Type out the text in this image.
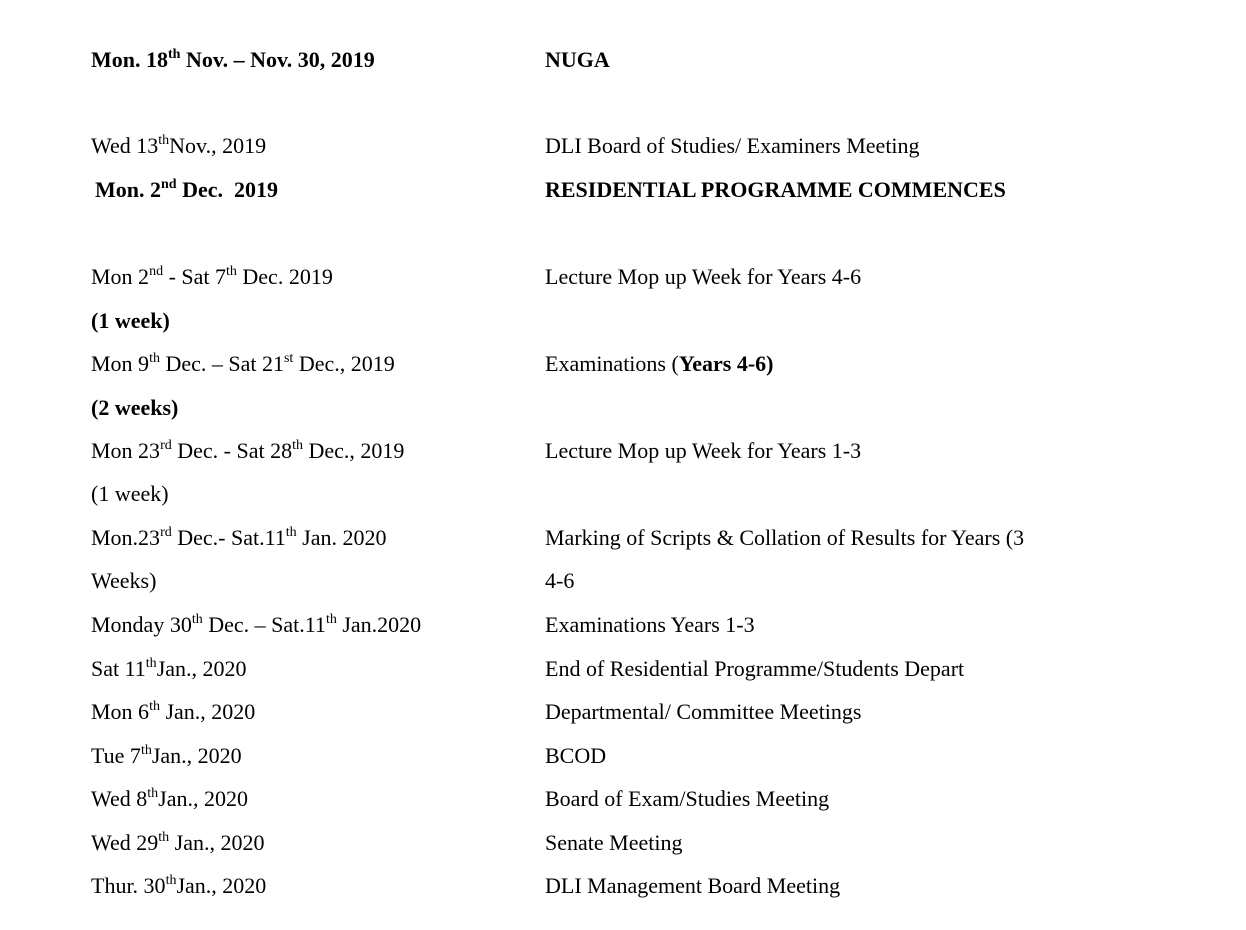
Mon. 18th Nov. – Nov. 30, 2019	NUGA
Wed 13thNov., 2019	DLI Board of Studies/ Examiners Meeting
Mon. 2nd Dec.  2019	RESIDENTIAL PROGRAMME COMMENCES
Mon 2nd - Sat 7th Dec. 2019	Lecture Mop up Week for Years 4-6
(1 week)
Mon 9th Dec. – Sat 21st Dec., 2019	Examinations (Years 4-6)
(2 weeks)
Mon 23rd Dec. - Sat 28th Dec., 2019	Lecture Mop up Week for Years 1-3
(1 week)
Mon.23rd Dec.- Sat.11th Jan. 2020	Marking of Scripts & Collation of Results for Years (3
Weeks)	4-6
Monday 30th Dec. – Sat.11th Jan.2020	Examinations Years 1-3
Sat 11thJan., 2020	End of Residential Programme/Students Depart
Mon 6th Jan., 2020	Departmental/ Committee Meetings
Tue 7thJan., 2020	BCOD
Wed 8thJan., 2020	Board of Exam/Studies Meeting
Wed 29th Jan., 2020	Senate Meeting
Thur. 30thJan., 2020	DLI Management Board Meeting
